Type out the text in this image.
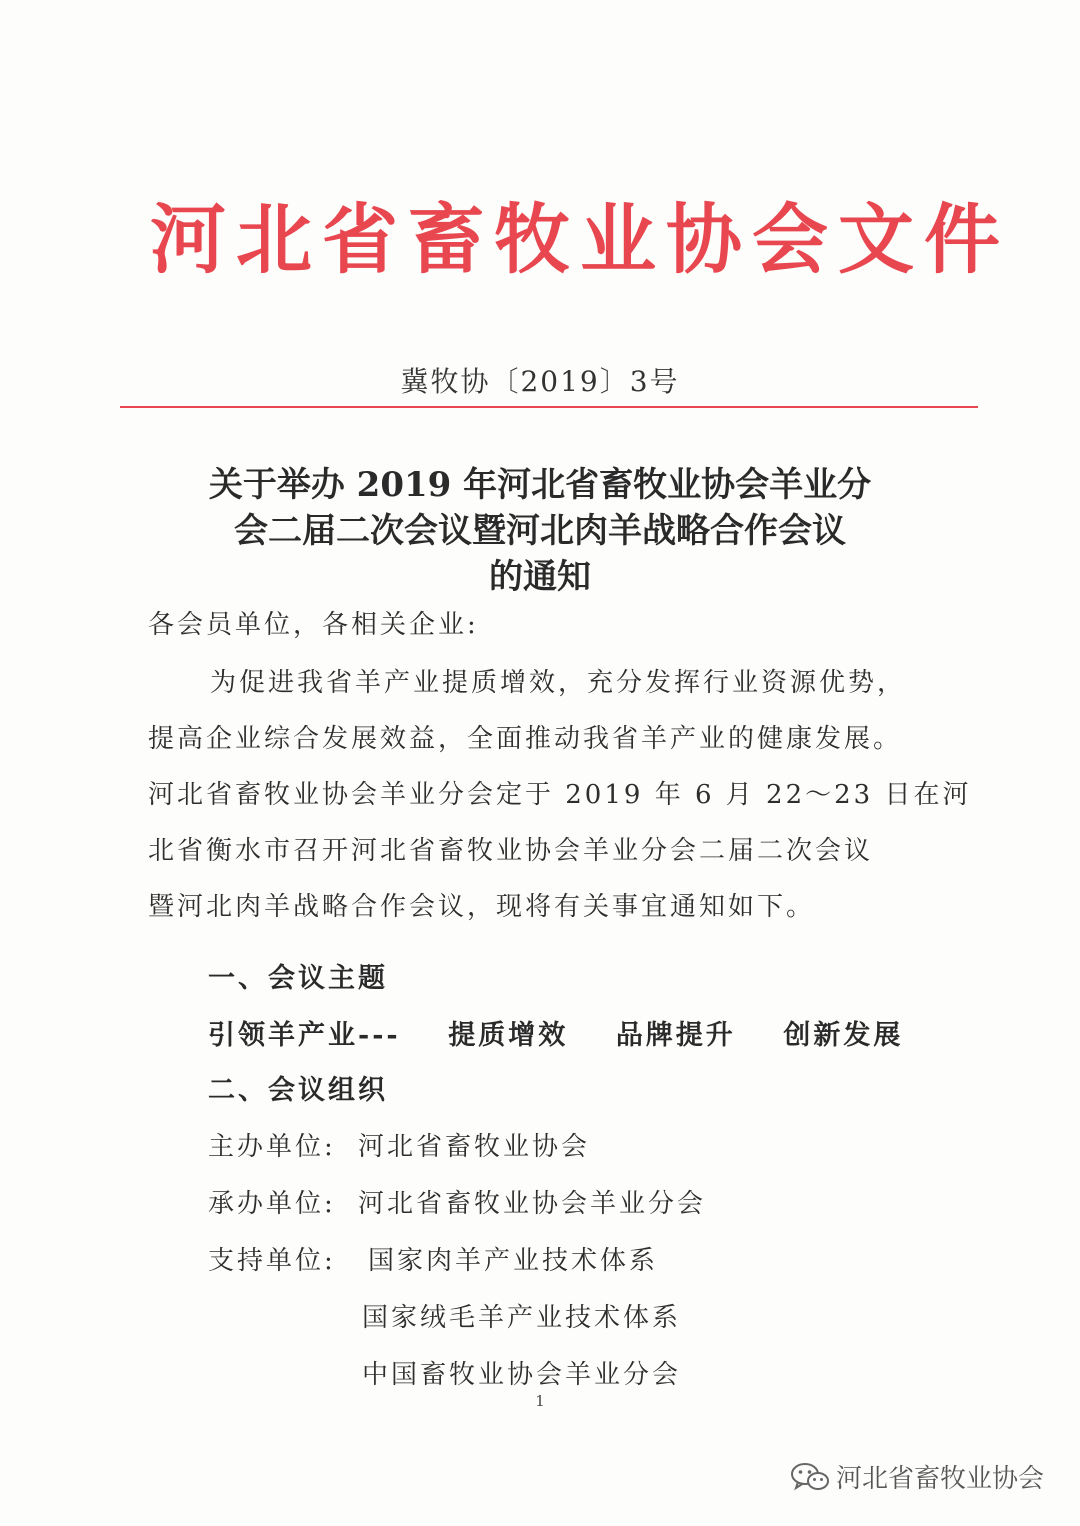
河北省畜牧业协会文件
冀牧协〔2019〕3号
关于举办 2019 年河北省畜牧业协会羊业分
会二届二次会议暨河北肉羊战略合作会议
的通知
各会员单位，各相关企业:
为促进我省羊产业提质增效，充分发挥行业资源优势，
提高企业综合发展效益，全面推动我省羊产业的健康发展。
河北省畜牧业协会羊业分会定于 2019 年 6 月 22～23 日在河
北省衡水市召开河北省畜牧业协会羊业分会二届二次会议
暨河北肉羊战略合作会议，现将有关事宜通知如下。
一、会议主题
引领羊产业--- 提质增效 品牌提升 创新发展
二、会议组织
主办单位: 河北省畜牧业协会
承办单位: 河北省畜牧业协会羊业分会
支持单位: 国家肉羊产业技术体系
国家绒毛羊产业技术体系
中国畜牧业协会羊业分会
1
河北省畜牧业协会
